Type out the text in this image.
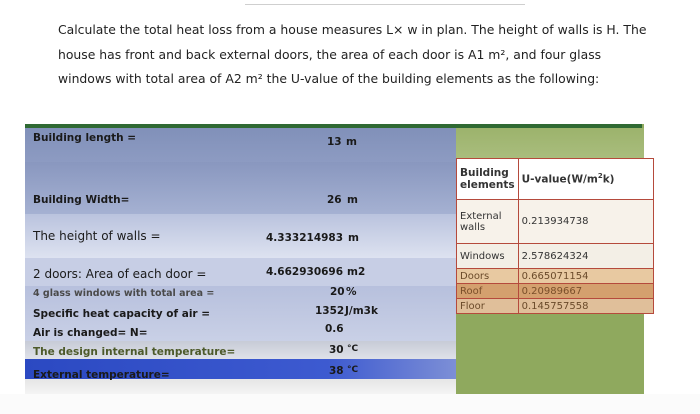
Calculate the total heat loss from a house measures L× w in plan. The height of walls is H. The

house has front and back external doors, the area of each door is A1 m², and four glass

windows with total area of A2 m² the U-value of the building elements as the following:

Building length =	13 m
Building Width=	26 m
The height of walls =	4.333214983 m
2 doors: Area of each door =	4.662930696 m2
4 glass windows with total area =	20 %
Specific heat capacity of air =	1352 J/m3k
Air is changed= N=	0.6
The design internal temperature=	30 °C
External temperature=	38 °C
Building elements	$U-value(W/m^2k)$
External walls	0.213934738
Windows	2.578624324
Doors	0.665071154
Roof	0.20989667
Floor	0.145757558
